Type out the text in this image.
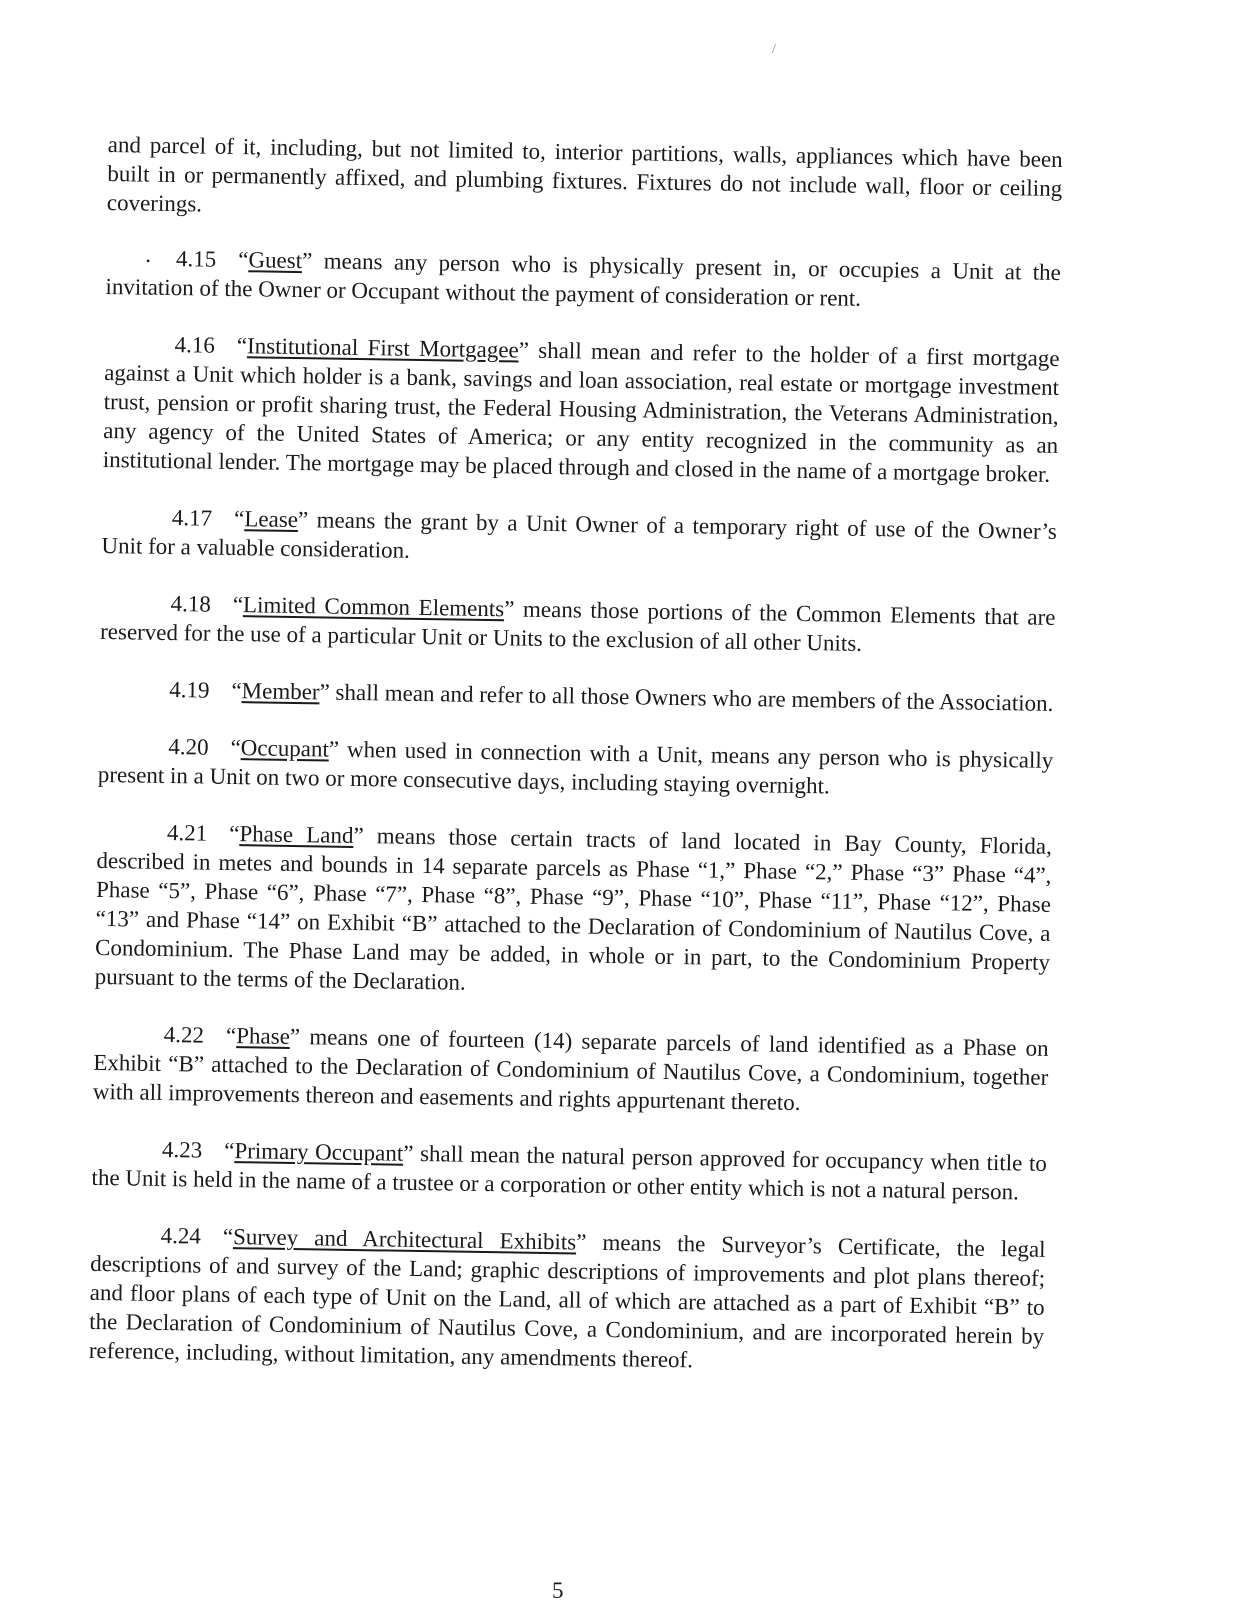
/
•

and parcel of it, including, but not limited to, interior partitions, walls, appliances which have been built in or permanently affixed, and plumbing fixtures. Fixtures do not include wall, floor or ceiling coverings.

4.15 “Guest” means any person who is physically present in, or occupies a Unit at the invitation of the Owner or Occupant without the payment of consideration or rent.

4.16 “Institutional First Mortgagee” shall mean and refer to the holder of a first mortgage against a Unit which holder is a bank, savings and loan association, real estate or mortgage investment trust, pension or profit sharing trust, the Federal Housing Administration, the Veterans Administration, any agency of the United States of America; or any entity recognized in the community as an institutional lender. The mortgage may be placed through and closed in the name of a mortgage broker.

4.17 “Lease” means the grant by a Unit Owner of a temporary right of use of the Owner’s Unit for a valuable consideration.

4.18 “Limited Common Elements” means those portions of the Common Elements that are reserved for the use of a particular Unit or Units to the exclusion of all other Units.

4.19 “Member” shall mean and refer to all those Owners who are members of the Association.

4.20 “Occupant” when used in connection with a Unit, means any person who is physically present in a Unit on two or more consecutive days, including staying overnight.

4.21 “Phase Land” means those certain tracts of land located in Bay County, Florida, described in metes and bounds in 14 separate parcels as Phase “1,” Phase “2,” Phase “3” Phase “4”, Phase “5”, Phase “6”, Phase “7”, Phase “8”, Phase “9”, Phase “10”, Phase “11”, Phase “12”, Phase “13” and Phase “14” on Exhibit “B” attached to the Declaration of Condominium of Nautilus Cove, a Condominium. The Phase Land may be added, in whole or in part, to the Condominium Property pursuant to the terms of the Declaration.

4.22 “Phase” means one of fourteen (14) separate parcels of land identified as a Phase on Exhibit “B” attached to the Declaration of Condominium of Nautilus Cove, a Condominium, together with all improvements thereon and easements and rights appurtenant thereto.

4.23 “Primary Occupant” shall mean the natural person approved for occupancy when title to the Unit is held in the name of a trustee or a corporation or other entity which is not a natural person.

4.24 “Survey and Architectural Exhibits” means the Surveyor’s Certificate, the legal descriptions of and survey of the Land; graphic descriptions of improvements and plot plans thereof; and floor plans of each type of Unit on the Land, all of which are attached as a part of Exhibit “B” to the Declaration of Condominium of Nautilus Cove, a Condominium, and are incorporated herein by reference, including, without limitation, any amendments thereof.

5
